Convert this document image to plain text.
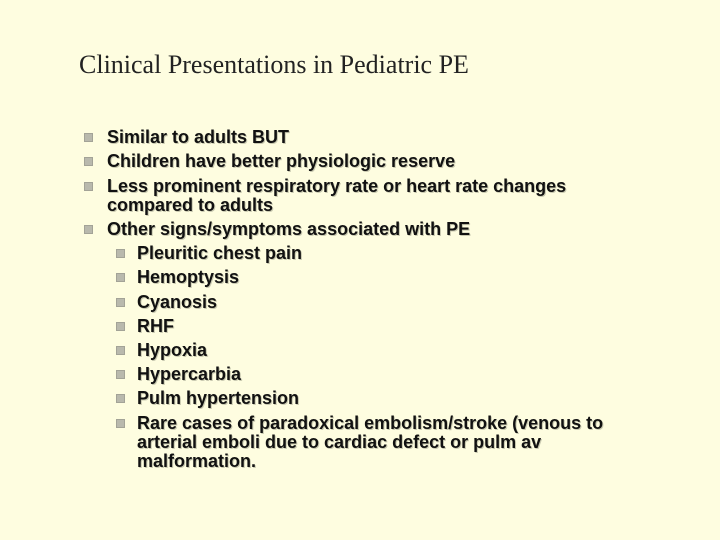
Clinical Presentations in Pediatric PE
Similar to adults BUT
Children have better physiologic reserve
Less prominent respiratory rate or heart rate changes
compared to adults
Other signs/symptoms associated with PE
Pleuritic chest pain
Hemoptysis
Cyanosis
RHF
Hypoxia
Hypercarbia
Pulm hypertension
Rare cases of paradoxical embolism/stroke (venous to
arterial emboli due to cardiac defect or pulm av
malformation.
